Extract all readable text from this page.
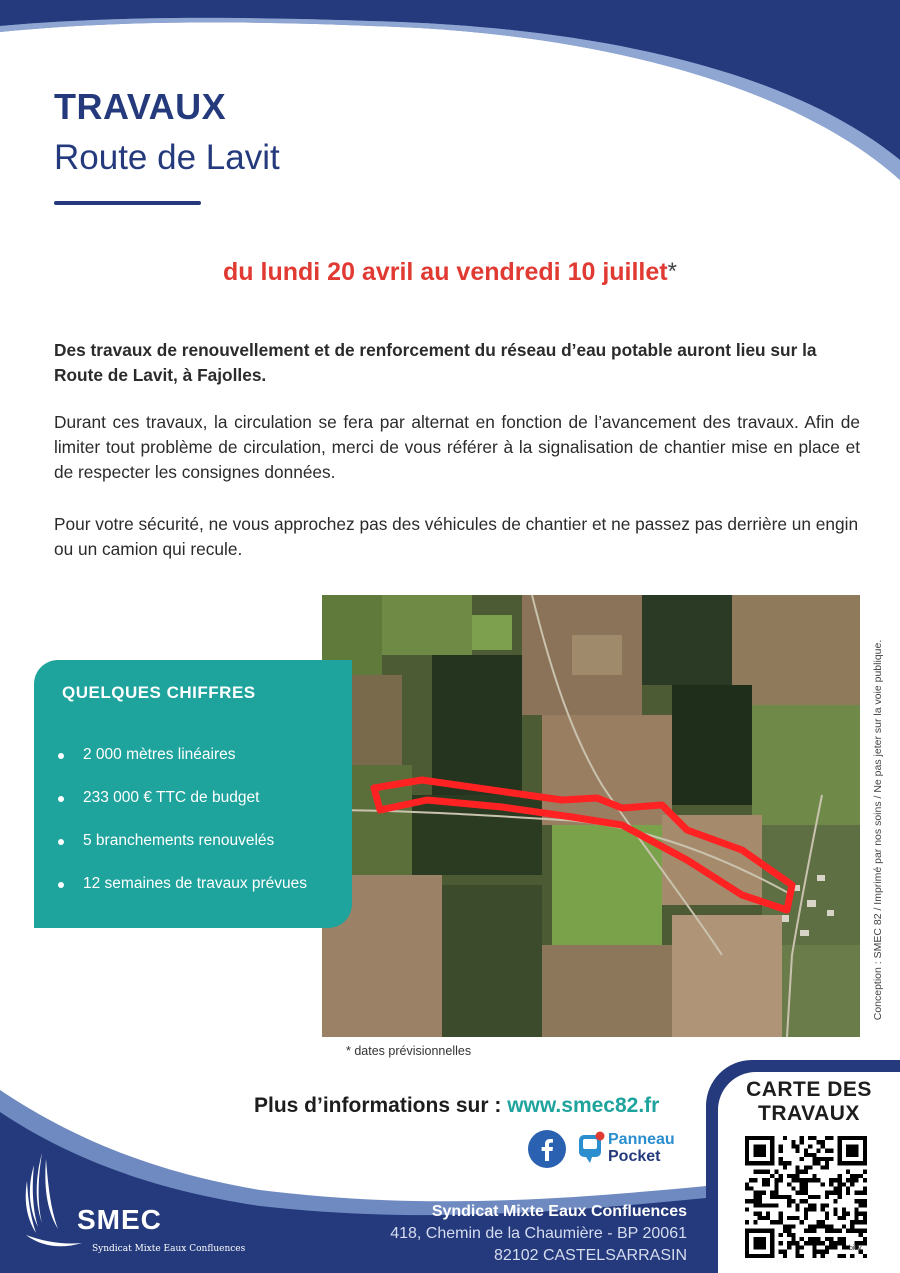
TRAVAUX
Route de Lavit
du lundi 20 avril au vendredi 10 juillet*

Des travaux de renouvellement et de renforcement du réseau d’eau potable auront lieu sur la Route de Lavit, à Fajolles.

Durant ces travaux, la circulation se fera par alternat en fonction de l’avancement des travaux. Afin de limiter tout problème de circulation, merci de vous référer à la signalisation de chantier mise en place et de respecter les consignes données.

Pour votre sécurité, ne vous approchez pas des véhicules de chantier et ne passez pas derrière un engin ou un camion qui recule.

* dates prévisionnelles
Conception : SMEC 82 / Imprimé par nos soins / Ne pas jeter sur la voie publique.
QUELQUES CHIFFRES
2 000 mètres linéaires
233 000 € TTC de budget
5 branchements renouvelés
12 semaines de travaux prévues
Plus d’informations sur : www.smec82.fr
Panneau
Pocket
CARTE DES
TRAVAUX
bitly
SMEC
Syndicat Mixte Eaux Confluences
Syndicat Mixte Eaux Confluences
418, Chemin de la Chaumière - BP 20061
82102 CASTELSARRASIN
